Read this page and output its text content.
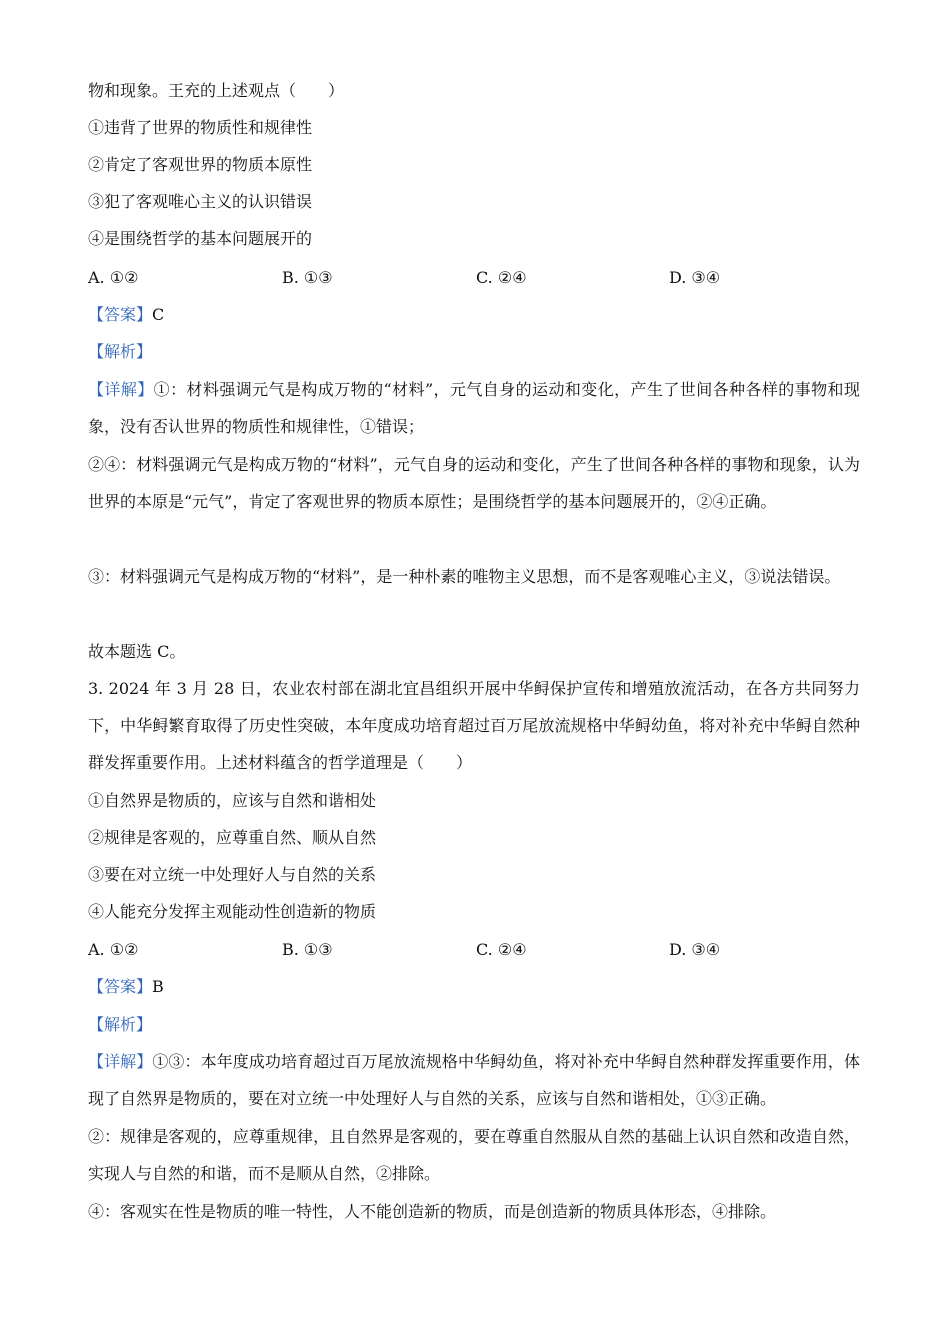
物和现象。王充的上述观点（　　）
①违背了世界的物质性和规律性
②肯定了客观世界的物质本原性
③犯了客观唯心主义的认识错误
④是围绕哲学的基本问题展开的
A. ①②	B. ①③	C. ②④	D. ③④
【答案】C
【解析】
【详解】①：材料强调元气是构成万物的“材料”，元气自身的运动和变化，产生了世间各种各样的事物和现象，没有否认世界的物质性和规律性，①错误；
②④：材料强调元气是构成万物的“材料”，元气自身的运动和变化，产生了世间各种各样的事物和现象，认为世界的本原是“元气”，肯定了客观世界的物质本原性；是围绕哲学的基本问题展开的，②④正确。
③：材料强调元气是构成万物的“材料”，是一种朴素的唯物主义思想，而不是客观唯心主义，③说法错误。
故本题选 C。
3. 2024 年 3 月 28 日，农业农村部在湖北宜昌组织开展中华鲟保护宣传和增殖放流活动，在各方共同努力下，中华鲟繁育取得了历史性突破，本年度成功培育超过百万尾放流规格中华鲟幼鱼，将对补充中华鲟自然种群发挥重要作用。上述材料蕴含的哲学道理是（　　）
①自然界是物质的，应该与自然和谐相处
②规律是客观的，应尊重自然、顺从自然
③要在对立统一中处理好人与自然的关系
④人能充分发挥主观能动性创造新的物质
A. ①②	B. ①③	C. ②④	D. ③④
【答案】B
【解析】
【详解】①③：本年度成功培育超过百万尾放流规格中华鲟幼鱼，将对补充中华鲟自然种群发挥重要作用，体现了自然界是物质的，要在对立统一中处理好人与自然的关系，应该与自然和谐相处，①③正确。
②：规律是客观的，应尊重规律，且自然界是客观的，要在尊重自然服从自然的基础上认识自然和改造自然，实现人与自然的和谐，而不是顺从自然，②排除。
④：客观实在性是物质的唯一特性，人不能创造新的物质，而是创造新的物质具体形态，④排除。
